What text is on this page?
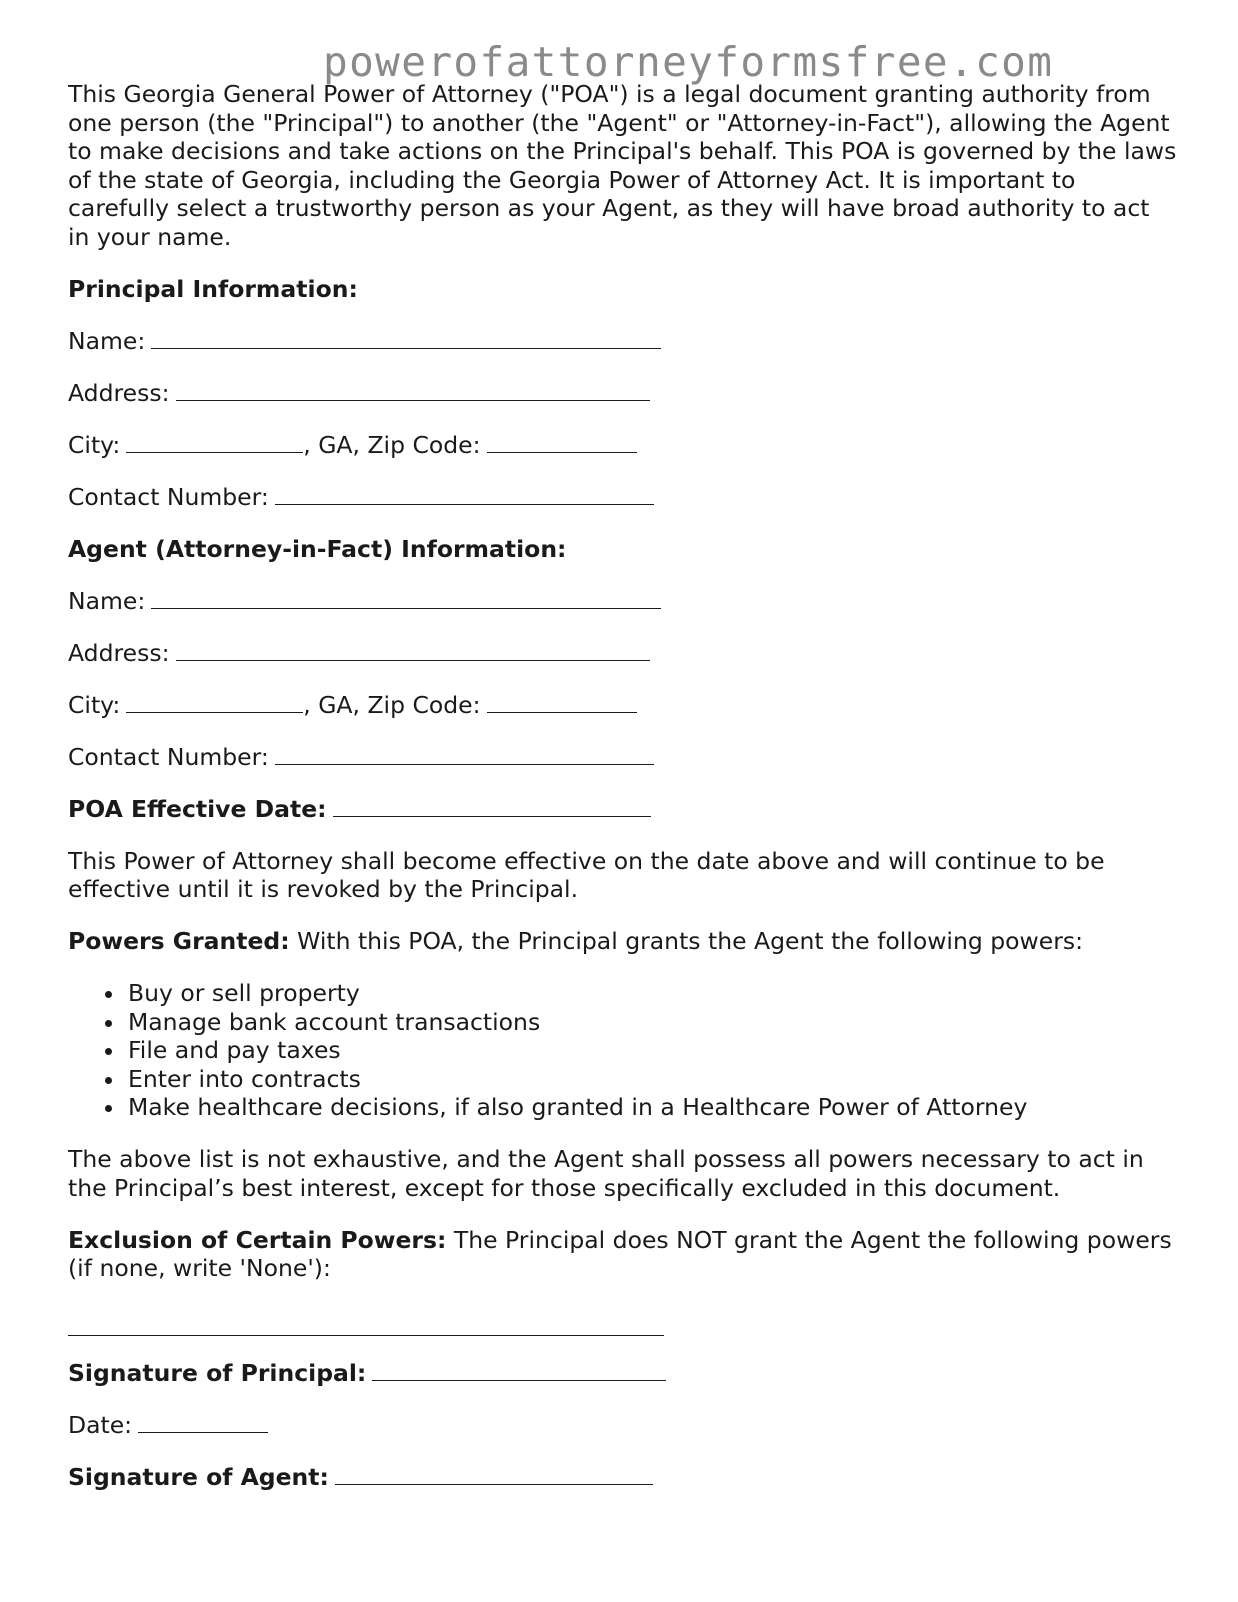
powerofattorneyformsfree.com

This Georgia General Power of Attorney ("POA") is a legal document granting authority from one person (the "Principal") to another (the "Agent" or "Attorney-in-Fact"), allowing the Agent to make decisions and take actions on the Principal's behalf. This POA is governed by the laws of the state of Georgia, including the Georgia Power of Attorney Act. It is important to carefully select a trustworthy person as your Agent, as they will have broad authority to act in your name.

Principal Information:

Name:

Address:

City:	, GA, Zip Code:

Contact Number:

Agent (Attorney-in-Fact) Information:

Name:

Address:

City:	, GA, Zip Code:

Contact Number:

POA Effective Date:

This Power of Attorney shall become effective on the date above and will continue to be effective until it is revoked by the Principal.

Powers Granted: With this POA, the Principal grants the Agent the following powers:

• Buy or sell property
• Manage bank account transactions
• File and pay taxes
• Enter into contracts
• Make healthcare decisions, if also granted in a Healthcare Power of Attorney

The above list is not exhaustive, and the Agent shall possess all powers necessary to act in the Principal’s best interest, except for those specifically excluded in this document.

Exclusion of Certain Powers: The Principal does NOT grant the Agent the following powers (if none, write 'None'):

Signature of Principal:

Date:

Signature of Agent:
